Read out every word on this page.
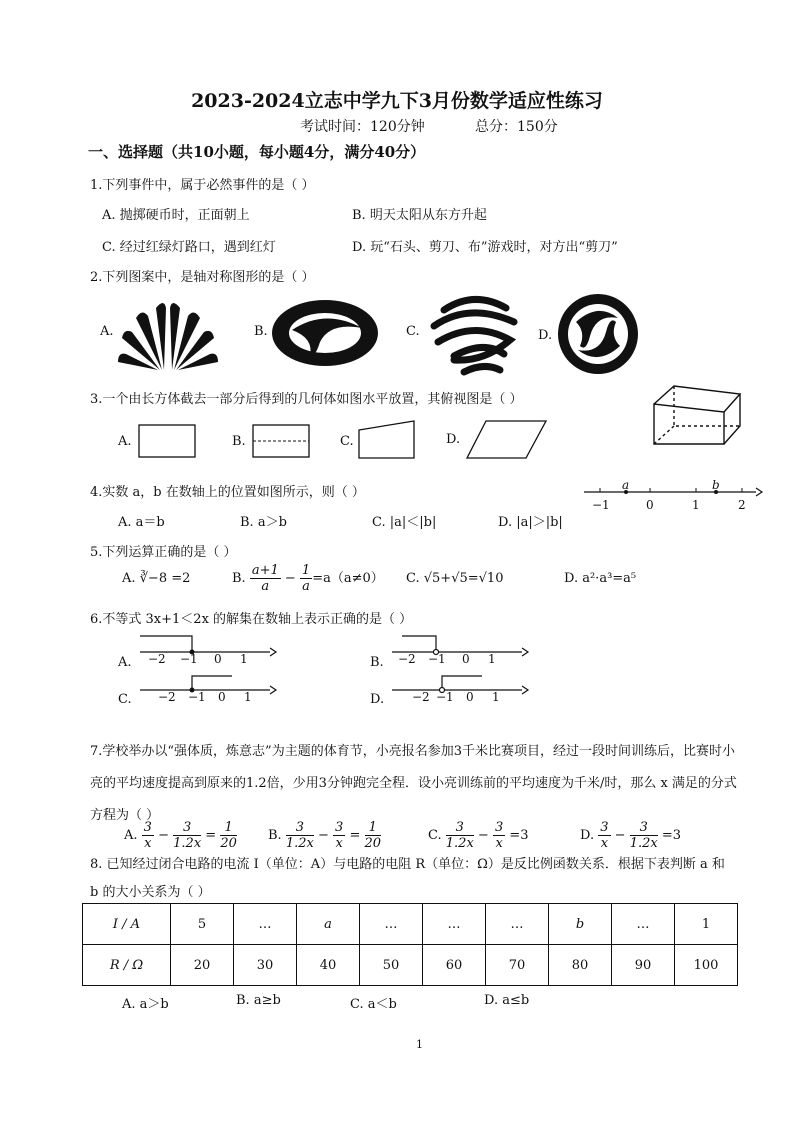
2023-2024立志中学九下3月份数学适应性练习
考试时间：120分钟	总分：150分
一、选择题（共10小题，每小题4分，满分40分）
1.下列事件中，属于必然事件的是（ ）
A. 抛掷硬币时，正面朝上	B. 明天太阳从东方升起
C. 经过红绿灯路口，遇到红灯	D. 玩“石头、剪刀、布”游戏时，对方出“剪刀”
2.下列图案中，是轴对称图形的是（ ）
A.	B.	C.	D.
3.一个由长方体截去一部分后得到的几何体如图水平放置，其俯视图是（ ）
A.	B.	C.	D.
4.实数 a，b 在数轴上的位置如图所示，则（ ）	a	b
−1	0	1	2
A. a＝b	B. a＞b	C. |a|＜|b|	D. |a|＞|b|
5.下列运算正确的是（ ）
A. ∛−8 =2	B. $\frac{a+1}{a} - \frac{1}{a} =a(a\ne 0)$ C. √5+√5=√10	D. a²·a³=a⁵
6.不等式 3x+1＜2x 的解集在数轴上表示正确的是（ ）
A. −2 −1 0 1	B. −2 −1 0 1
C. −2 −1 0 1	D. −2 −1 0 1
7.学校举办以“强体质，炼意志”为主题的体育节，小亮报名参加3千米比赛项目，经过一段时间训练后，比赛时小
亮的平均速度提高到原来的1.2倍，少用3分钟跑完全程．设小亮训练前的平均速度为千米/时，那么 x 满足的分式
方程为（ ）
A. $\frac{3}{x} - \frac{3}{1.2x} = \frac{1}{20} B$. $\frac{3}{1.2x} - \frac{3}{x} = \frac{1}{20}$	C. $\frac{3}{1.2x} - \frac{3}{x} =3$	D. $\frac{3}{x} - \frac{3}{1.2x} =3$
8. 已知经过闭合电路的电流 I（单位：A）与电路的电阻 R（单位：Ω）是反比例函数关系．根据下表判断 a 和
b 的大小关系为（ ）
I / A	5	…	a	…	…	…	b	…	1
R / Ω	20	30	40	50	60	70	80	90	100
A. a＞b	B. a≥b	C. a＜b	D. a≤b
1
